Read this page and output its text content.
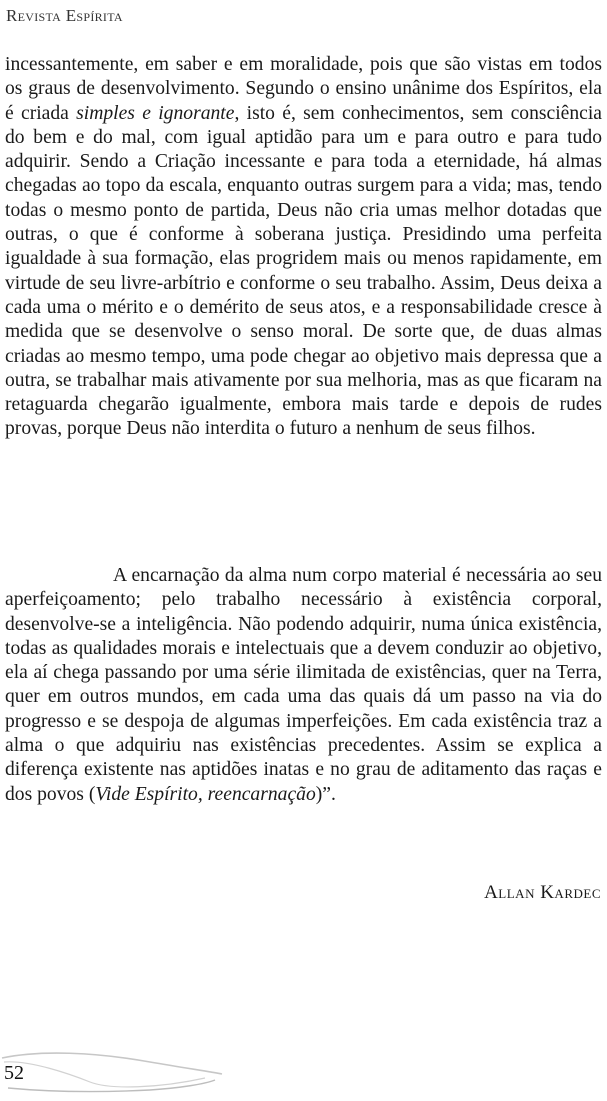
Revista Espírita
incessantemente, em saber e em moralidade, pois que são vistas em todos os graus de desenvolvimento. Segundo o ensino unânime dos Espíritos, ela é criada simples e ignorante, isto é, sem conhecimentos, sem consciência do bem e do mal, com igual aptidão para um e para outro e para tudo adquirir. Sendo a Criação incessante e para toda a eternidade, há almas chegadas ao topo da escala, enquanto outras surgem para a vida; mas, tendo todas o mesmo ponto de partida, Deus não cria umas melhor dotadas que outras, o que é conforme à soberana justiça. Presidindo uma perfeita igualdade à sua formação, elas progridem mais ou menos rapidamente, em virtude de seu livre-arbítrio e conforme o seu trabalho. Assim, Deus deixa a cada uma o mérito e o demérito de seus atos, e a responsabilidade cresce à medida que se desenvolve o senso moral. De sorte que, de duas almas criadas ao mesmo tempo, uma pode chegar ao objetivo mais depressa que a outra, se trabalhar mais ativamente por sua melhoria, mas as que ficaram na retaguarda chegarão igualmente, embora mais tarde e depois de rudes provas, porque Deus não interdita o futuro a nenhum de seus filhos.
A encarnação da alma num corpo material é necessária ao seu aperfeiçoamento; pelo trabalho necessário à existência corporal, desenvolve-se a inteligência. Não podendo adquirir, numa única existência, todas as qualidades morais e intelectuais que a devem conduzir ao objetivo, ela aí chega passando por uma série ilimitada de existências, quer na Terra, quer em outros mundos, em cada uma das quais dá um passo na via do progresso e se despoja de algumas imperfeições. Em cada existência traz a alma o que adquiriu nas existências precedentes. Assim se explica a diferença existente nas aptidões inatas e no grau de aditamento das raças e dos povos (Vide Espírito, reencarnação)”.
Allan Kardec
52
